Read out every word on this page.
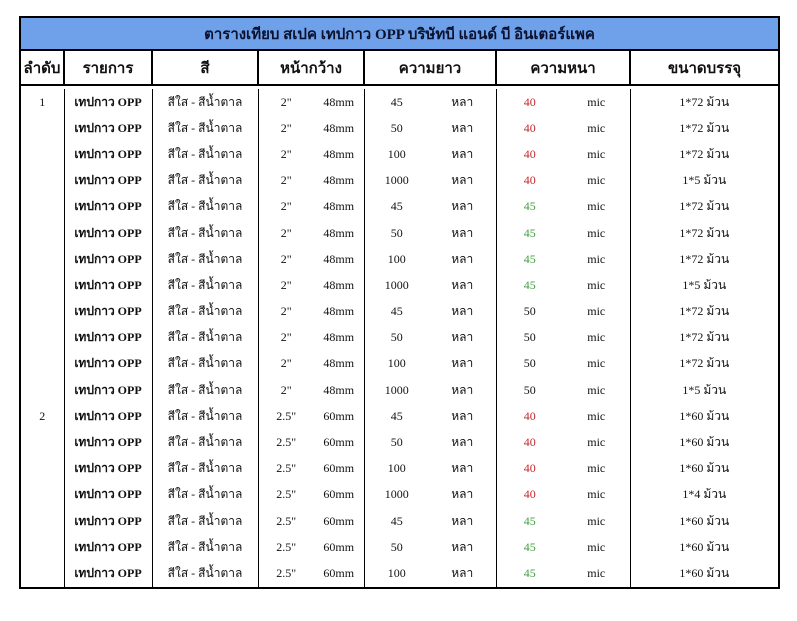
ตารางเทียบ สเปค เทปกาว OPP บริษัทบี แอนด์ บี อินเตอร์แพค									
ลำดับ	รายการ	สี	หน้ากว้าง		ความยาว		ความหนา		ขนาดบรรจุ

1	เทปกาว OPP	สีใส - สีน้ำตาล	2"	48mm	45	หลา	40	mic	1*72 ม้วน
	เทปกาว OPP	สีใส - สีน้ำตาล	2"	48mm	50	หลา	40	mic	1*72 ม้วน
	เทปกาว OPP	สีใส - สีน้ำตาล	2"	48mm	100	หลา	40	mic	1*72 ม้วน
	เทปกาว OPP	สีใส - สีน้ำตาล	2"	48mm	1000	หลา	40	mic	1*5 ม้วน
	เทปกาว OPP	สีใส - สีน้ำตาล	2"	48mm	45	หลา	45	mic	1*72 ม้วน
	เทปกาว OPP	สีใส - สีน้ำตาล	2"	48mm	50	หลา	45	mic	1*72 ม้วน
	เทปกาว OPP	สีใส - สีน้ำตาล	2"	48mm	100	หลา	45	mic	1*72 ม้วน
	เทปกาว OPP	สีใส - สีน้ำตาล	2"	48mm	1000	หลา	45	mic	1*5 ม้วน
	เทปกาว OPP	สีใส - สีน้ำตาล	2"	48mm	45	หลา	50	mic	1*72 ม้วน
	เทปกาว OPP	สีใส - สีน้ำตาล	2"	48mm	50	หลา	50	mic	1*72 ม้วน
	เทปกาว OPP	สีใส - สีน้ำตาล	2"	48mm	100	หลา	50	mic	1*72 ม้วน
	เทปกาว OPP	สีใส - สีน้ำตาล	2"	48mm	1000	หลา	50	mic	1*5 ม้วน
2	เทปกาว OPP	สีใส - สีน้ำตาล	2.5"	60mm	45	หลา	40	mic	1*60 ม้วน
	เทปกาว OPP	สีใส - สีน้ำตาล	2.5"	60mm	50	หลา	40	mic	1*60 ม้วน
	เทปกาว OPP	สีใส - สีน้ำตาล	2.5"	60mm	100	หลา	40	mic	1*60 ม้วน
	เทปกาว OPP	สีใส - สีน้ำตาล	2.5"	60mm	1000	หลา	40	mic	1*4 ม้วน
	เทปกาว OPP	สีใส - สีน้ำตาล	2.5"	60mm	45	หลา	45	mic	1*60 ม้วน
	เทปกาว OPP	สีใส - สีน้ำตาล	2.5"	60mm	50	หลา	45	mic	1*60 ม้วน
	เทปกาว OPP	สีใส - สีน้ำตาล	2.5"	60mm	100	หลา	45	mic	1*60 ม้วน
